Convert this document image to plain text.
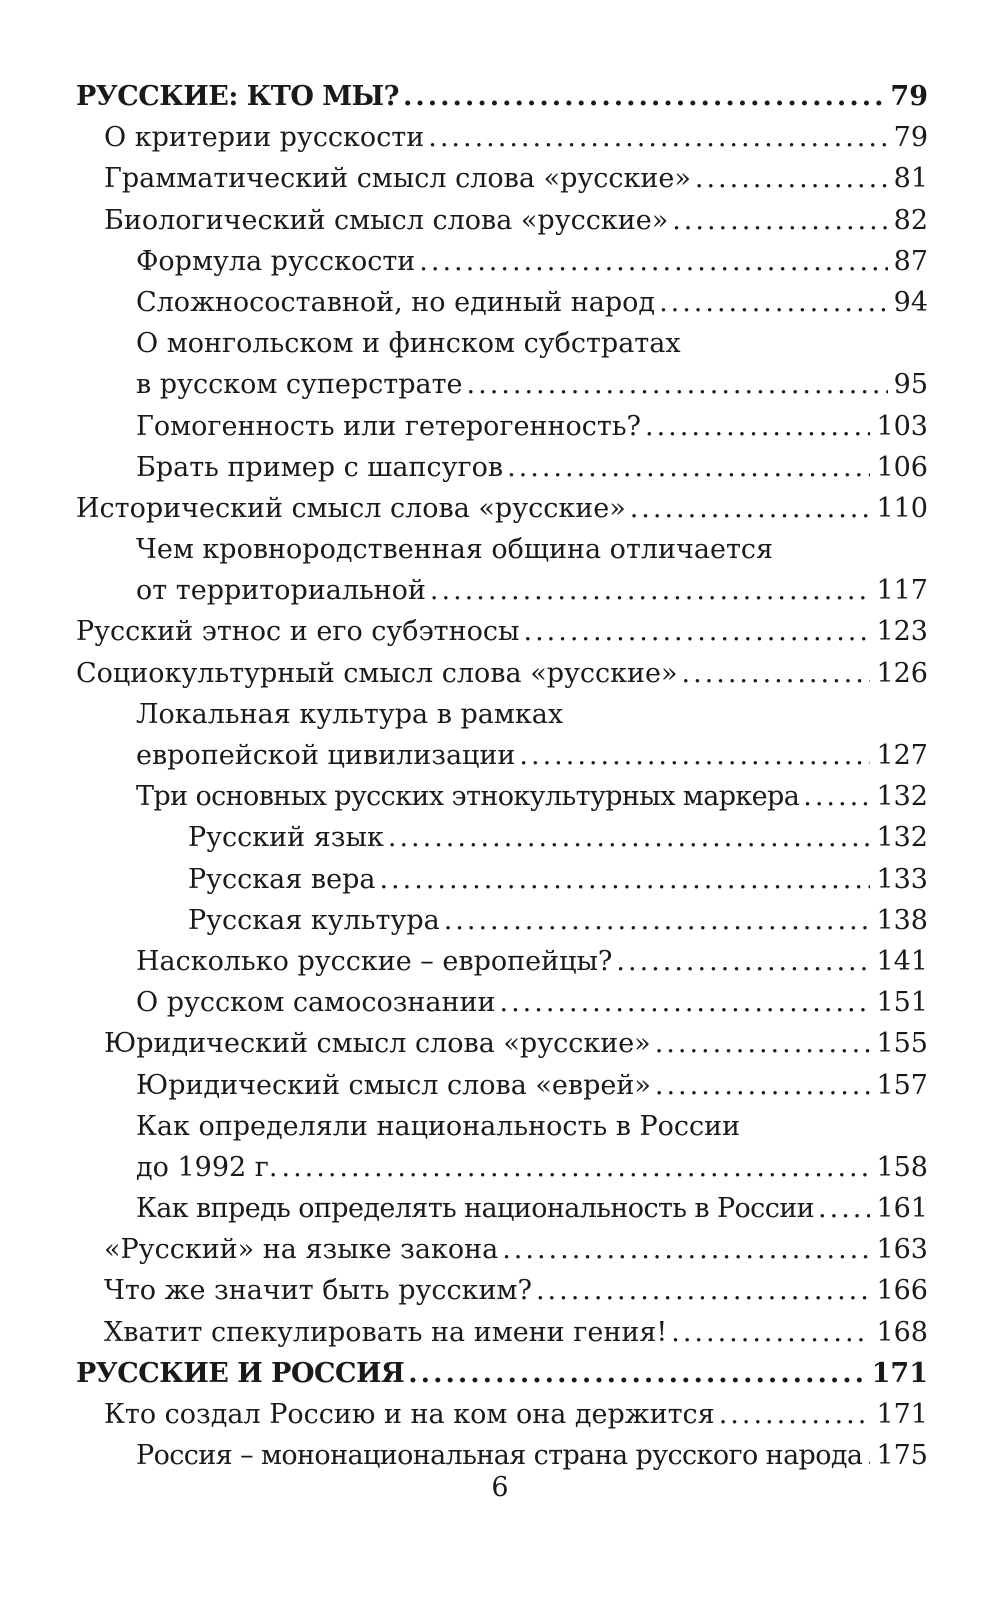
РУССКИЕ: КТО МЫ? .....	79
О критерии русскости .....	79
Грамматический смысл слова «русские» .....	81
Биологический смысл слова «русские» .....	82
Формула русскости .....	87
Сложносоставной, но единый народ .....	94
О монгольском и финском субстратах
в русском суперстрате .....	95
Гомогенность или гетерогенность? .....	103
Брать пример с шапсугов .....	106
Исторический смысл слова «русские» .....	110
Чем кровнородственная община отличается
от территориальной .....	117
Русский этнос и его субэтносы .....	123
Социокультурный смысл слова «русские» .....	126
Локальная культура в рамках
европейской цивилизации .....	127
Три основных русских этнокультурных маркера .....	132
Русский язык .....	132
Русская вера .....	133
Русская культура .....	138
Насколько русские – европейцы? .....	141
О русском самосознании .....	151
Юридический смысл слова «русские» .....	155
Юридический смысл слова «еврей» .....	157
Как определяли национальность в России
до 1992 г. .....	158
Как впредь определять национальность в России ..... 161
«Русский» на языке закона .....	163
Что же значит быть русским? .....	166
Хватит спекулировать на имени гения! .....	168
РУССКИЕ И РОССИЯ .....	171
Кто создал Россию и на ком она держится .....	171
Россия – мононациональная страна русского народа ..... 175
6
